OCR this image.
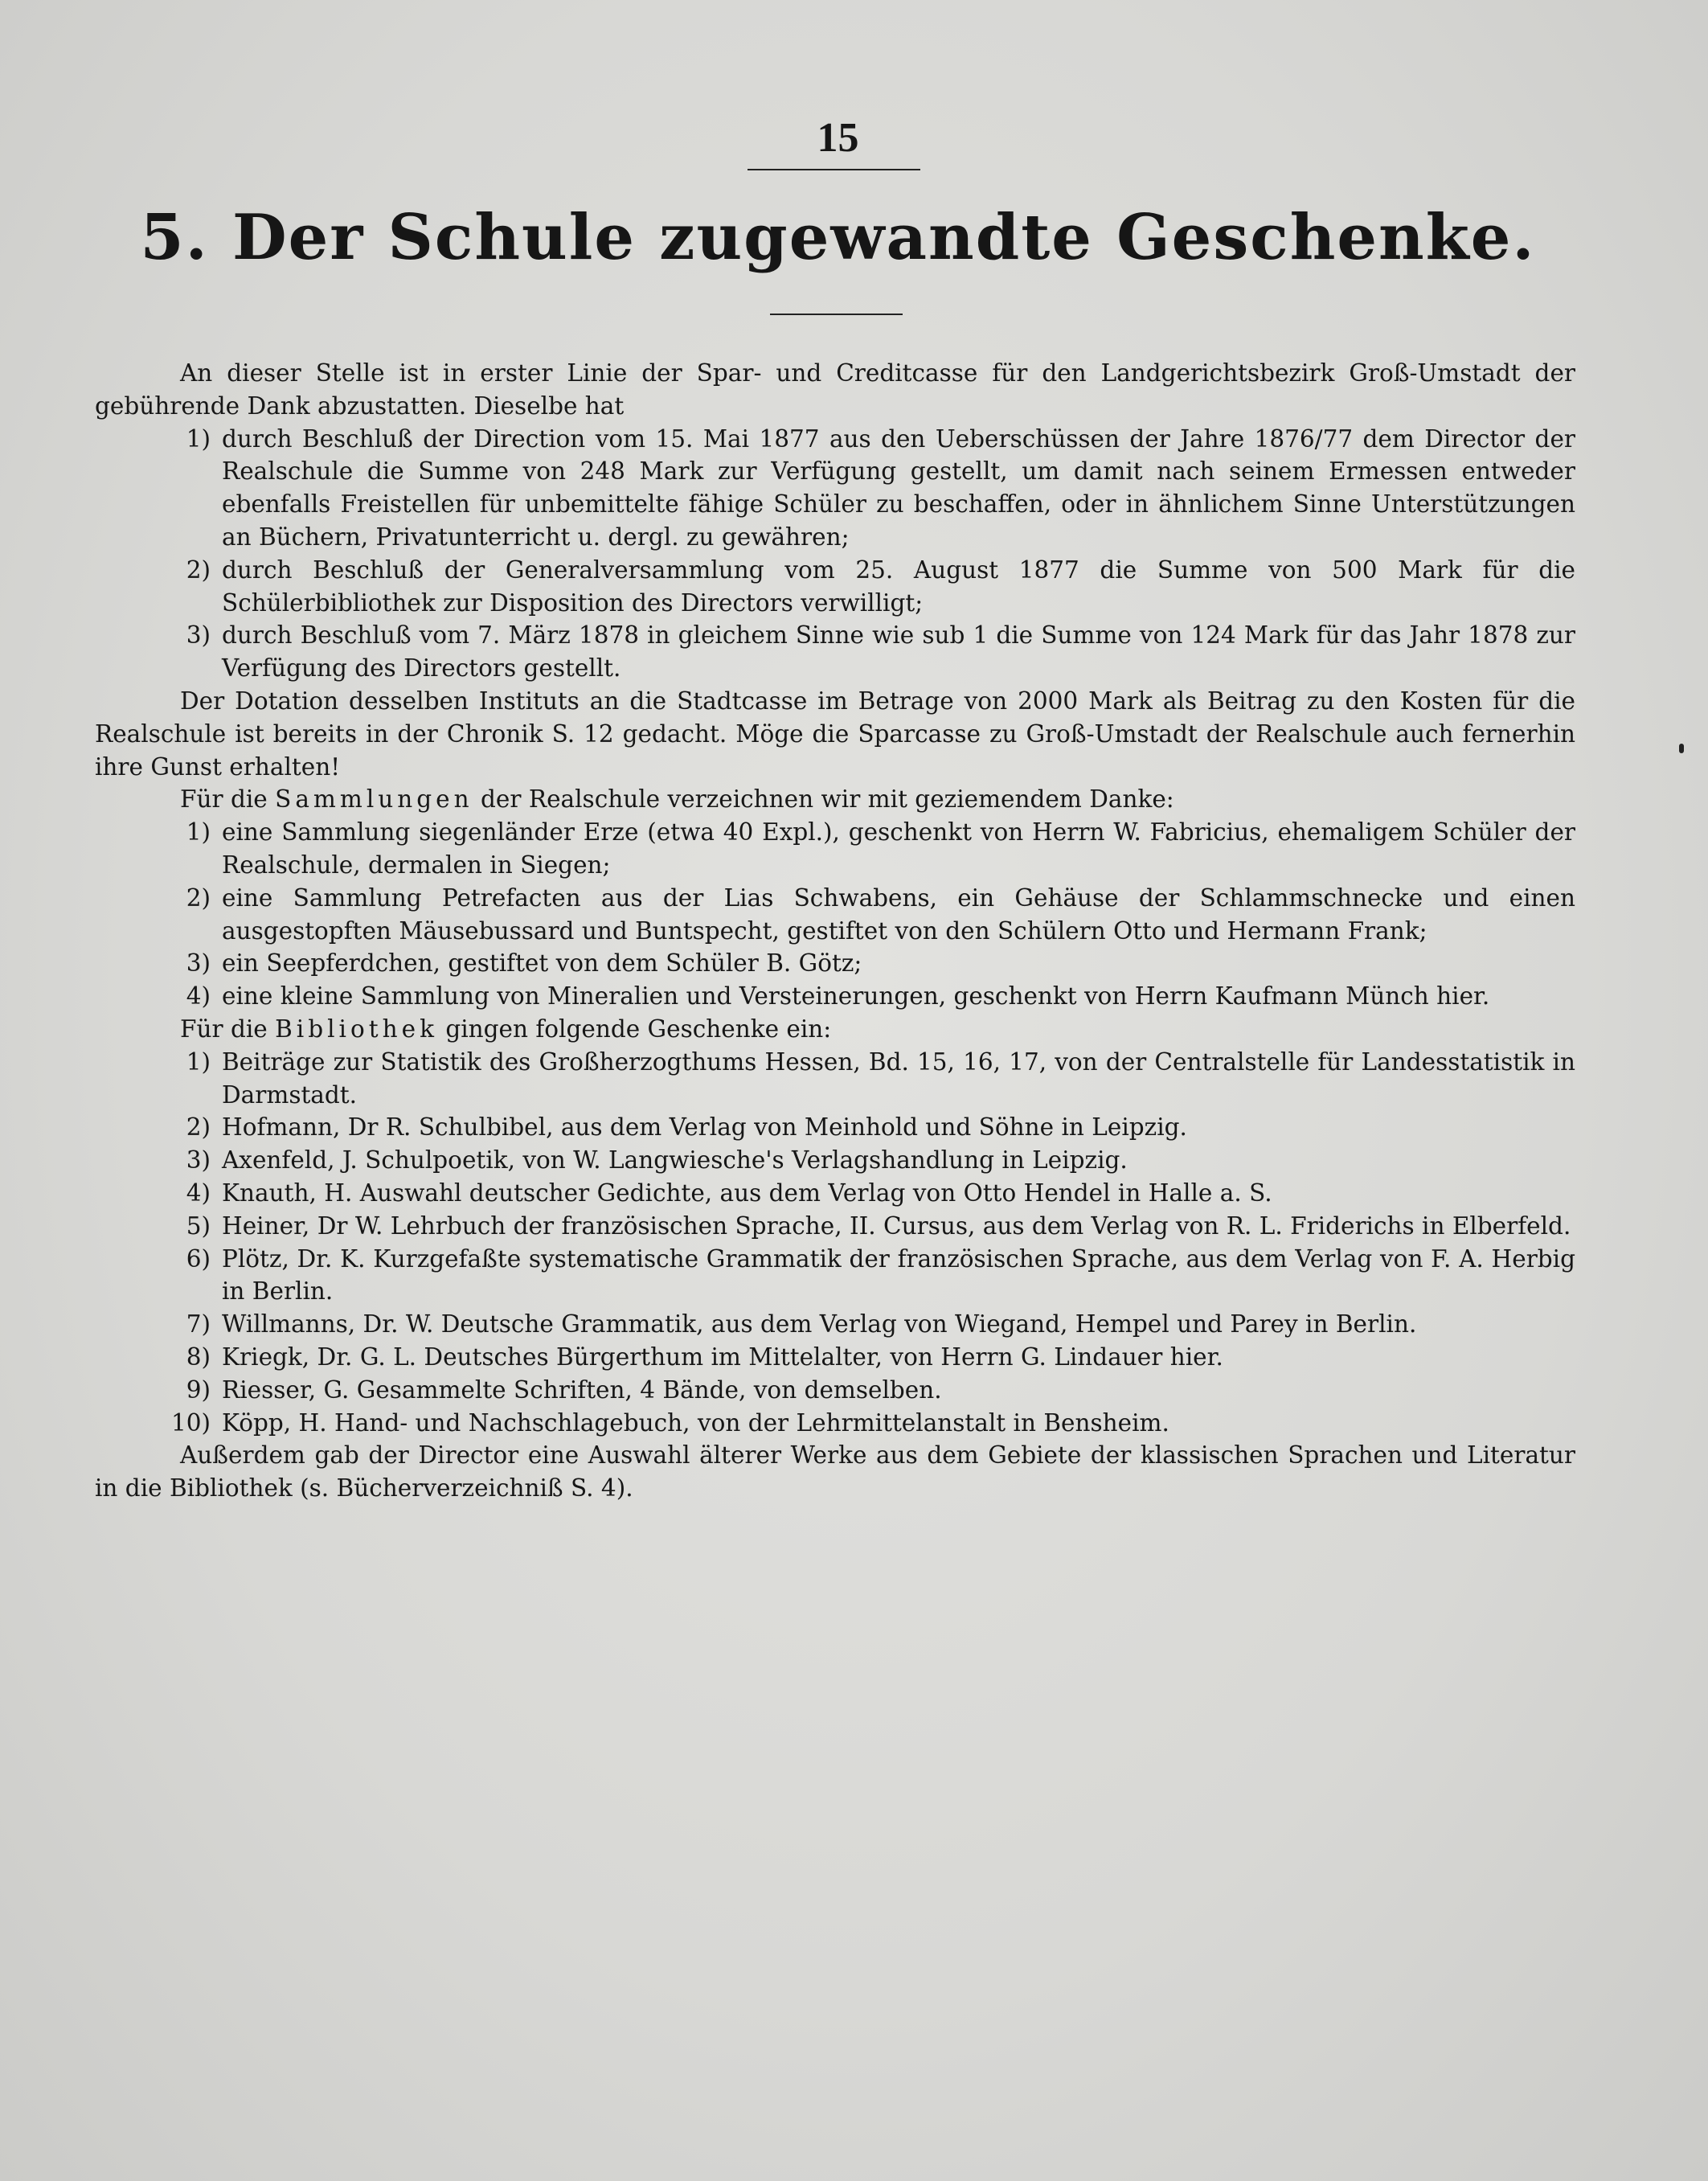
15
5. Der Schule zugewandte Geschenke.

An dieser Stelle ist in erster Linie der Spar- und Creditcasse für den Landgerichtsbezirk Groß-Umstadt der gebührende Dank abzustatten. Dieselbe hat

1) durch Beschluß der Direction vom 15. Mai 1877 aus den Ueberschüssen der Jahre 1876/77 dem Director der Realschule die Summe von 248 Mark zur Verfügung gestellt, um damit nach seinem Ermessen entweder ebenfalls Freistellen für unbemittelte fähige Schüler zu beschaffen, oder in ähnlichem Sinne Unterstützungen an Büchern, Privatunterricht u. dergl. zu gewähren;
2) durch Beschluß der Generalversammlung vom 25. August 1877 die Summe von 500 Mark für die Schülerbibliothek zur Disposition des Directors verwilligt;
3) durch Beschluß vom 7. März 1878 in gleichem Sinne wie sub 1 die Summe von 124 Mark für das Jahr 1878 zur Verfügung des Directors gestellt.

Der Dotation desselben Instituts an die Stadtcasse im Betrage von 2000 Mark als Beitrag zu den Kosten für die Realschule ist bereits in der Chronik S. 12 gedacht. Möge die Sparcasse zu Groß-Umstadt der Realschule auch fernerhin ihre Gunst erhalten!

Für die Sammlungen der Realschule verzeichnen wir mit geziemendem Danke:

1) eine Sammlung siegenländer Erze (etwa 40 Expl.), geschenkt von Herrn W. Fabricius, ehemaligem Schüler der Realschule, dermalen in Siegen;
2) eine Sammlung Petrefacten aus der Lias Schwabens, ein Gehäuse der Schlammschnecke und einen ausgestopften Mäusebussard und Buntspecht, gestiftet von den Schülern Otto und Hermann Frank;
3) ein Seepferdchen, gestiftet von dem Schüler B. Götz;
4) eine kleine Sammlung von Mineralien und Versteinerungen, geschenkt von Herrn Kaufmann Münch hier.

Für die Bibliothek gingen folgende Geschenke ein:

1) Beiträge zur Statistik des Großherzogthums Hessen, Bd. 15, 16, 17, von der Centralstelle für Landesstatistik in Darmstadt.
2) Hofmann, Dr R. Schulbibel, aus dem Verlag von Meinhold und Söhne in Leipzig.
3) Axenfeld, J. Schulpoetik, von W. Langwiesche's Verlagshandlung in Leipzig.
4) Knauth, H. Auswahl deutscher Gedichte, aus dem Verlag von Otto Hendel in Halle a. S.
5) Heiner, Dr W. Lehrbuch der französischen Sprache, II. Cursus, aus dem Verlag von R. L. Friderichs in Elberfeld.
6) Plötz, Dr. K. Kurzgefaßte systematische Grammatik der französischen Sprache, aus dem Verlag von F. A. Herbig in Berlin.
7) Willmanns, Dr. W. Deutsche Grammatik, aus dem Verlag von Wiegand, Hempel und Parey in Berlin.
8) Kriegk, Dr. G. L. Deutsches Bürgerthum im Mittelalter, von Herrn G. Lindauer hier.
9) Riesser, G. Gesammelte Schriften, 4 Bände, von demselben.
10) Köpp, H. Hand- und Nachschlagebuch, von der Lehrmittelanstalt in Bensheim.

Außerdem gab der Director eine Auswahl älterer Werke aus dem Gebiete der klassischen Sprachen und Literatur in die Bibliothek (s. Bücherverzeichniß S. 4).
